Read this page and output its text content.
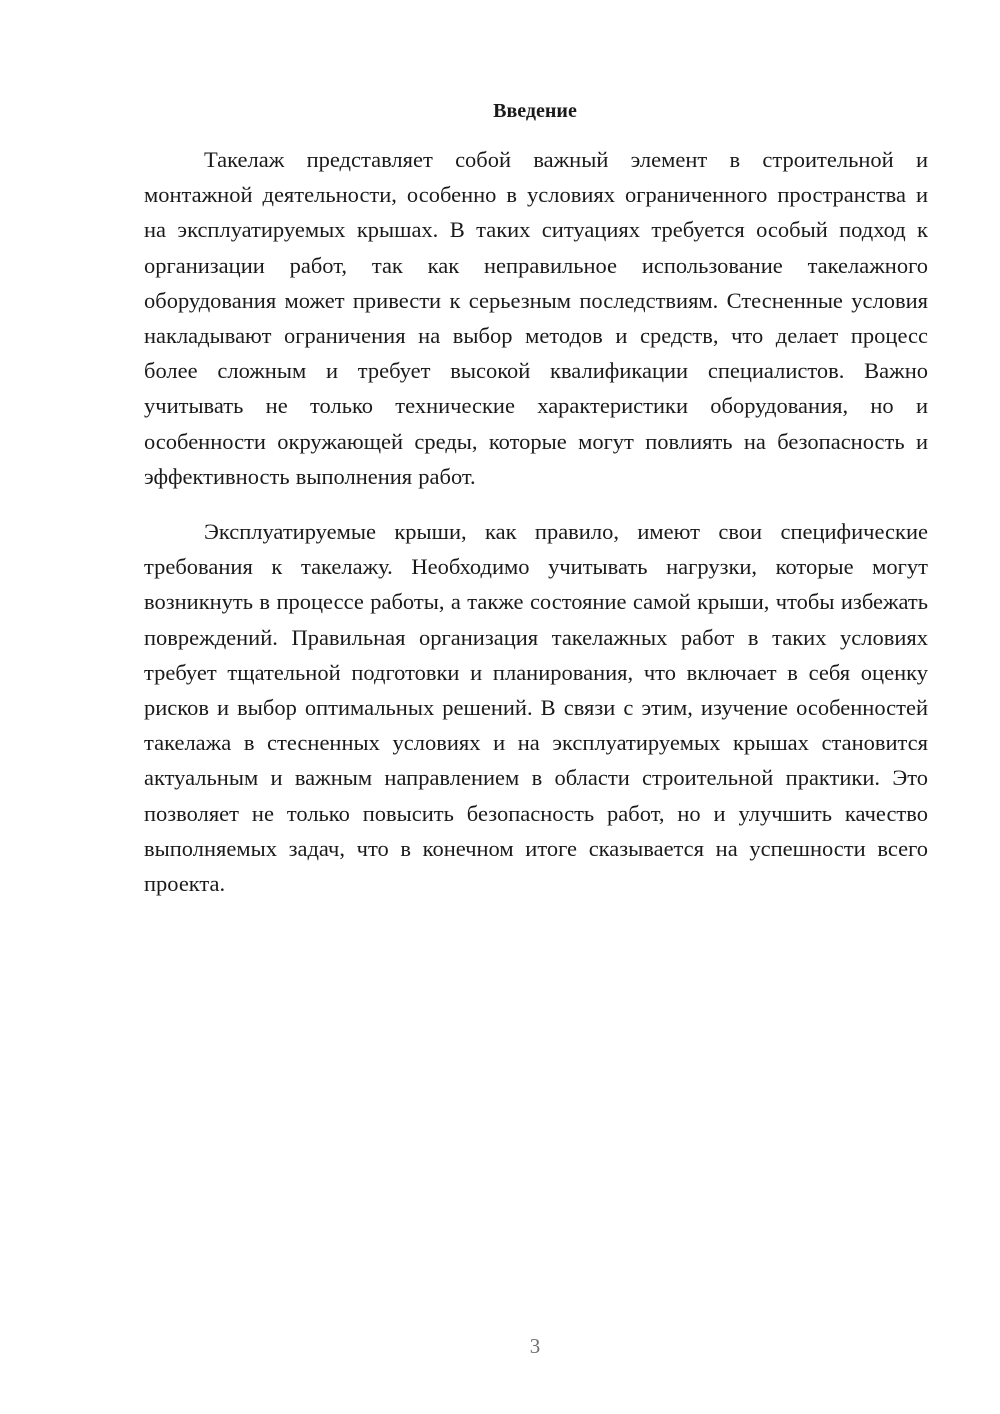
Введение

Такелаж представляет собой важный элемент в строительной и монтажной деятельности, особенно в условиях ограниченного пространства и на эксплуатируемых крышах. В таких ситуациях требуется особый подход к организации работ, так как неправильное использование такелажного оборудования может привести к серьезным последствиям. Стесненные условия накладывают ограничения на выбор методов и средств, что делает процесс более сложным и требует высокой квалификации специалистов. Важно учитывать не только технические характеристики оборудования, но и особенности окружающей среды, которые могут повлиять на безопасность и эффективность выполнения работ.

Эксплуатируемые крыши, как правило, имеют свои специфические требования к такелажу. Необходимо учитывать нагрузки, которые могут возникнуть в процессе работы, а также состояние самой крыши, чтобы избежать повреждений. Правильная организация такелажных работ в таких условиях требует тщательной подготовки и планирования, что включает в себя оценку рисков и выбор оптимальных решений. В связи с этим, изучение особенностей такелажа в стесненных условиях и на эксплуатируемых крышах становится актуальным и важным направлением в области строительной практики. Это позволяет не только повысить безопасность работ, но и улучшить качество выполняемых задач, что в конечном итоге сказывается на успешности всего проекта.

3
